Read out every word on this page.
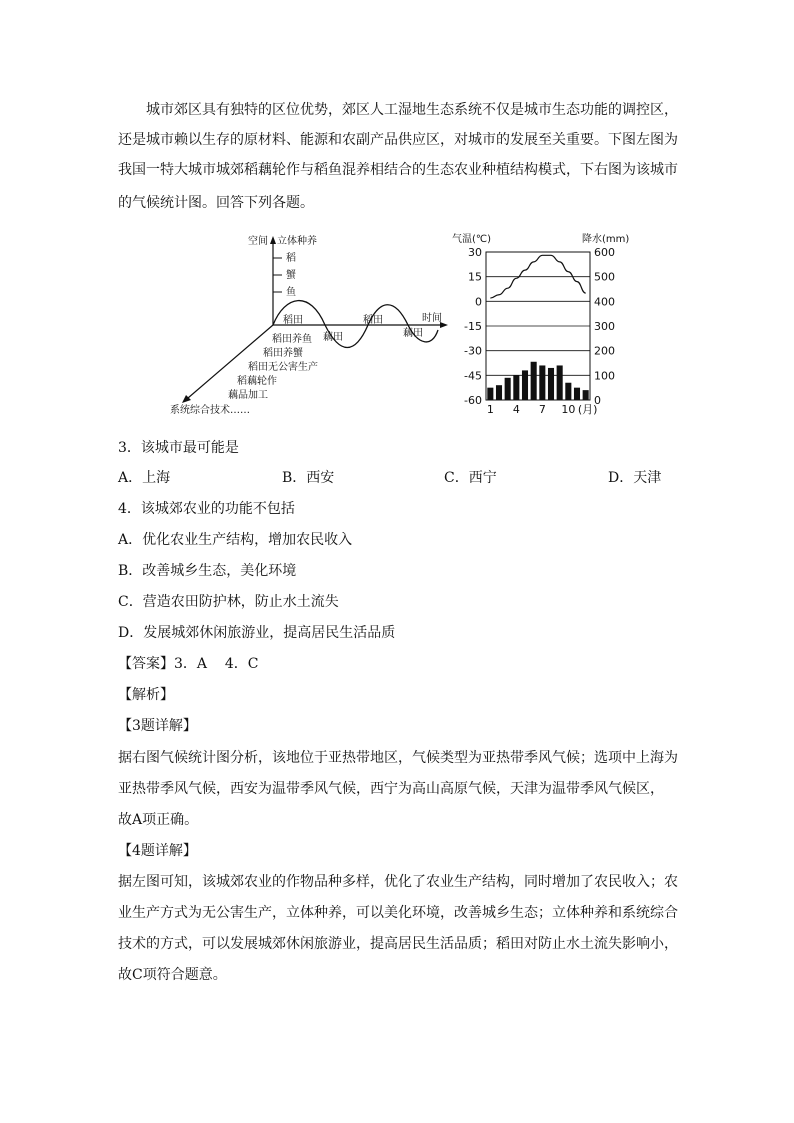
城市郊区具有独特的区位优势，郊区人工湿地生态系统不仅是城市生态功能的调控区，
还是城市赖以生存的原材料、能源和农副产品供应区，对城市的发展至关重要。下图左图为
我国一特大城市城郊稻藕轮作与稻鱼混养相结合的生态农业种植结构模式，下右图为该城市
的气候统计图。回答下列各题。
空间 立体种养
稻
蟹
鱼
时间
稻田
藕田
稻田
藕田
系统综合技术……
稻田养鱼
稻田养蟹
稻田无公害生产
稻藕轮作
藕品加工
气温(℃)	降水(mm)
30
15
0
-15
-30
-45
-60
600
500
400
300
200
100
0
1 4 7 10 (月)
3．该城市最可能是
A．上海	B．西安	C．西宁	D．天津
4．该城郊农业的功能不包括
A．优化农业生产结构，增加农民收入
B．改善城乡生态，美化环境
C．营造农田防护林，防止水土流失
D．发展城郊休闲旅游业，提高居民生活品质
【答案】3．A    4．C
【解析】
【3题详解】
据右图气候统计图分析，该地位于亚热带地区，气候类型为亚热带季风气候；选项中上海为
亚热带季风气候，西安为温带季风气候，西宁为高山高原气候，天津为温带季风气候区，
故A项正确。
【4题详解】
据左图可知，该城郊农业的作物品种多样，优化了农业生产结构，同时增加了农民收入；农
业生产方式为无公害生产，立体种养，可以美化环境，改善城乡生态；立体种养和系统综合
技术的方式，可以发展城郊休闲旅游业，提高居民生活品质；稻田对防止水土流失影响小，
故C项符合题意。
